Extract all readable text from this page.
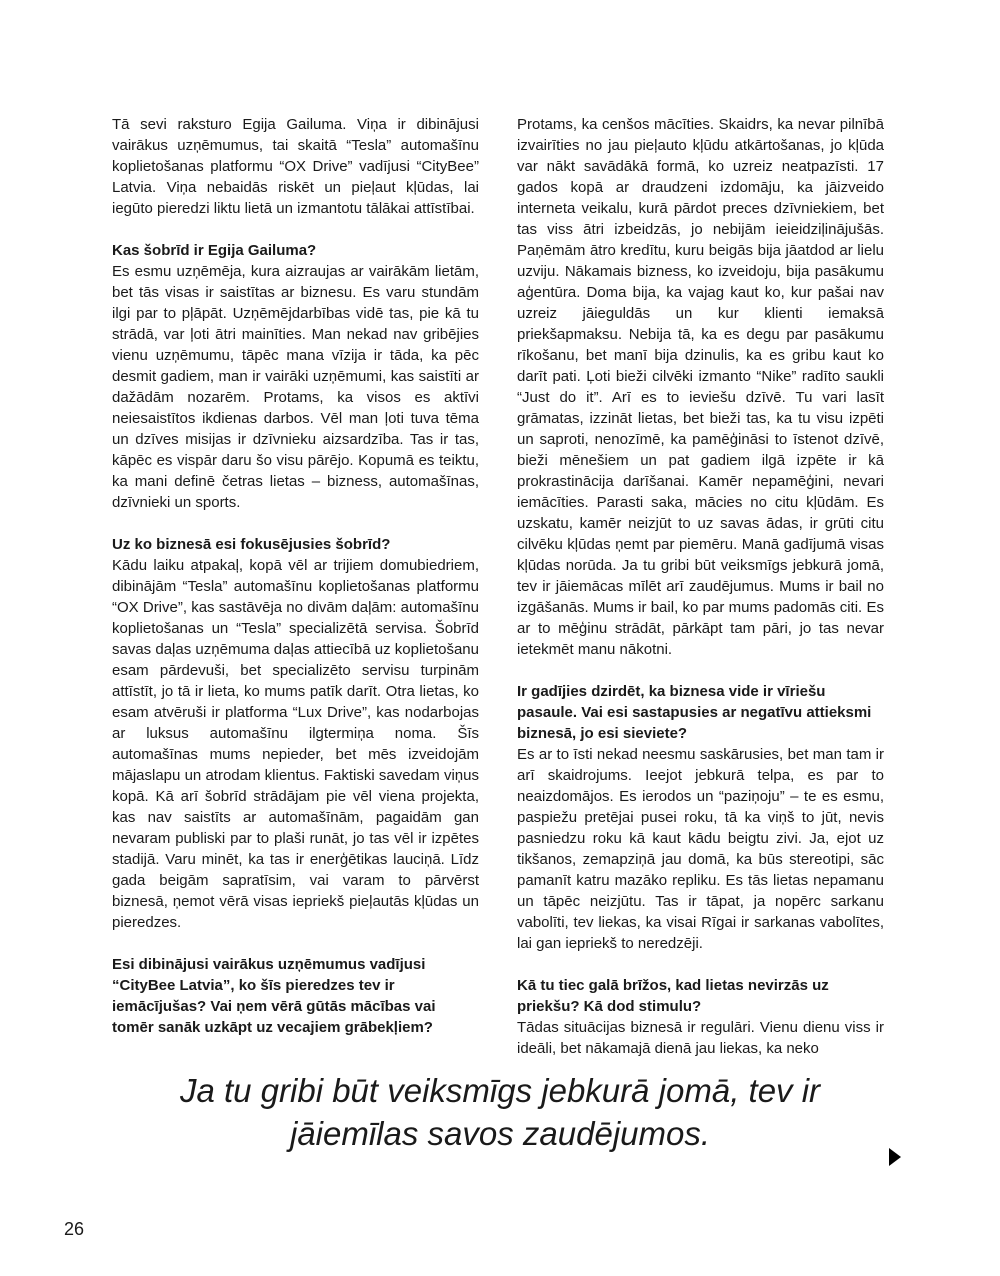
Tā sevi raksturo Egija Gailuma. Viņa ir dibinājusi vairākus uzņēmumus, tai skaitā “Tesla” automašīnu koplietošanas platformu “OX Drive” vadījusi “CityBee” Latvia. Viņa nebaidās riskēt un pieļaut kļūdas, lai iegūto pieredzi liktu lietā un izmantotu tālākai attīstībai.

Kas šobrīd ir Egija Gailuma?

Es esmu uzņēmēja, kura aizraujas ar vairākām lietām, bet tās visas ir saistītas ar biznesu. Es varu stundām ilgi par to pļāpāt. Uzņēmējdarbības vidē tas, pie kā tu strādā, var ļoti ātri mainīties. Man nekad nav gribējies vienu uzņēmumu, tāpēc mana vīzija ir tāda, ka pēc desmit gadiem, man ir vairāki uzņēmumi, kas saistīti ar dažādām nozarēm. Protams, ka visos es aktīvi neiesaistītos ikdienas darbos. Vēl man ļoti tuva tēma un dzīves misijas ir dzīvnieku aizsardzība. Tas ir tas, kāpēc es vispār daru šo visu pārējo. Kopumā es teiktu, ka mani definē četras lietas – bizness, automašīnas, dzīvnieki un sports.

Uz ko biznesā esi fokusējusies šobrīd?

Kādu laiku atpakaļ, kopā vēl ar trijiem domubiedriem, dibinājām “Tesla” automašīnu koplietošanas platformu “OX Drive”, kas sastāvēja no divām daļām: automašīnu koplietošanas un “Tesla” specializētā servisa. Šobrīd savas daļas uzņēmuma daļas attiecībā uz koplietošanu esam pārdevuši, bet specializēto servisu turpinām attīstīt, jo tā ir lieta, ko mums patīk darīt. Otra lietas, ko esam atvēruši ir platforma “Lux Drive”, kas nodarbojas ar luksus automašīnu ilgtermiņa noma. Šīs automašīnas mums nepieder, bet mēs izveidojām mājaslapu un atrodam klientus. Faktiski savedam viņus kopā. Kā arī šobrīd strādājam pie vēl viena projekta, kas nav saistīts ar automašīnām, pagaidām gan nevaram publiski par to plaši runāt, jo tas vēl ir izpētes stadijā. Varu minēt, ka tas ir enerģētikas lauciņā. Līdz gada beigām sapratīsim, vai varam to pārvērst biznesā, ņemot vērā visas iepriekš pieļautās kļūdas un pieredzes.

Esi dibinājusi vairākus uzņēmumus vadījusi “CityBee Latvia”, ko šīs pieredzes tev ir iemācījušas? Vai ņem vērā gūtās mācības vai tomēr sanāk uzkāpt uz vecajiem grābekļiem?

Protams, ka cenšos mācīties. Skaidrs, ka nevar pilnībā izvairīties no jau pieļauto kļūdu atkārtošanas, jo kļūda var nākt savādākā formā, ko uzreiz neatpazīsti. 17 gados kopā ar draudzeni izdomāju, ka jāizveido interneta veikalu, kurā pārdot preces dzīvniekiem, bet tas viss ātri izbeidzās, jo nebijām ieieidziļinājušās. Paņēmām ātro kredītu, kuru beigās bija jāatdod ar lielu uzviju. Nākamais bizness, ko izveidoju, bija pasākumu aģentūra. Doma bija, ka vajag kaut ko, kur pašai nav uzreiz jāieguldās un kur klienti iemaksā priekšapmaksu. Nebija tā, ka es degu par pasākumu rīkošanu, bet manī bija dzinulis, ka es gribu kaut ko darīt pati. Ļoti bieži cilvēki izmanto “Nike” radīto saukli “Just do it”. Arī es to ieviešu dzīvē. Tu vari lasīt grāmatas, izzināt lietas, bet bieži tas, ka tu visu izpēti un saproti, nenozīmē, ka pamēģināsi to īstenot dzīvē, bieži mēnešiem un pat gadiem ilgā izpēte ir kā prokrastinācija darīšanai. Kamēr nepamēģini, nevari iemācīties. Parasti saka, mācies no citu kļūdām. Es uzskatu, kamēr neizjūt to uz savas ādas, ir grūti citu cilvēku kļūdas ņemt par piemēru. Manā gadījumā visas kļūdas norūda. Ja tu gribi būt veiksmīgs jebkurā jomā, tev ir jāiemācas mīlēt arī zaudējumus. Mums ir bail no izgāšanās. Mums ir bail, ko par mums padomās citi. Es ar to mēģinu strādāt, pārkāpt tam pāri, jo tas nevar ietekmēt manu nākotni.

Ir gadījies dzirdēt, ka biznesa vide ir vīriešu pasaule. Vai esi sastapusies ar negatīvu attieksmi biznesā, jo esi sieviete?

Es ar to īsti nekad neesmu saskārusies, bet man tam ir arī skaidrojums. Ieejot jebkurā telpa, es par to neaizdomājos. Es ierodos un “paziņoju” – te es esmu, paspiežu pretējai pusei roku, tā ka viņš to jūt, nevis pasniedzu roku kā kaut kādu beigtu zivi. Ja, ejot uz tikšanos, zemapziņā jau domā, ka būs stereotipi, sāc pamanīt katru mazāko repliku. Es tās lietas nepamanu un tāpēc neizjūtu. Tas ir tāpat, ja nopērc sarkanu vabolīti, tev liekas, ka visai Rīgai ir sarkanas vabolītes, lai gan iepriekš to neredzēji.

Kā tu tiec galā brīžos, kad lietas nevirzās uz priekšu? Kā dod stimulu?

Tādas situācijas biznesā ir regulāri. Vienu dienu viss ir ideāli, bet nākamajā dienā jau liekas, ka neko

Ja tu gribi būt veiksmīgs jebkurā jomā, tev ir
jāiemīlas savos zaudējumos.
26
